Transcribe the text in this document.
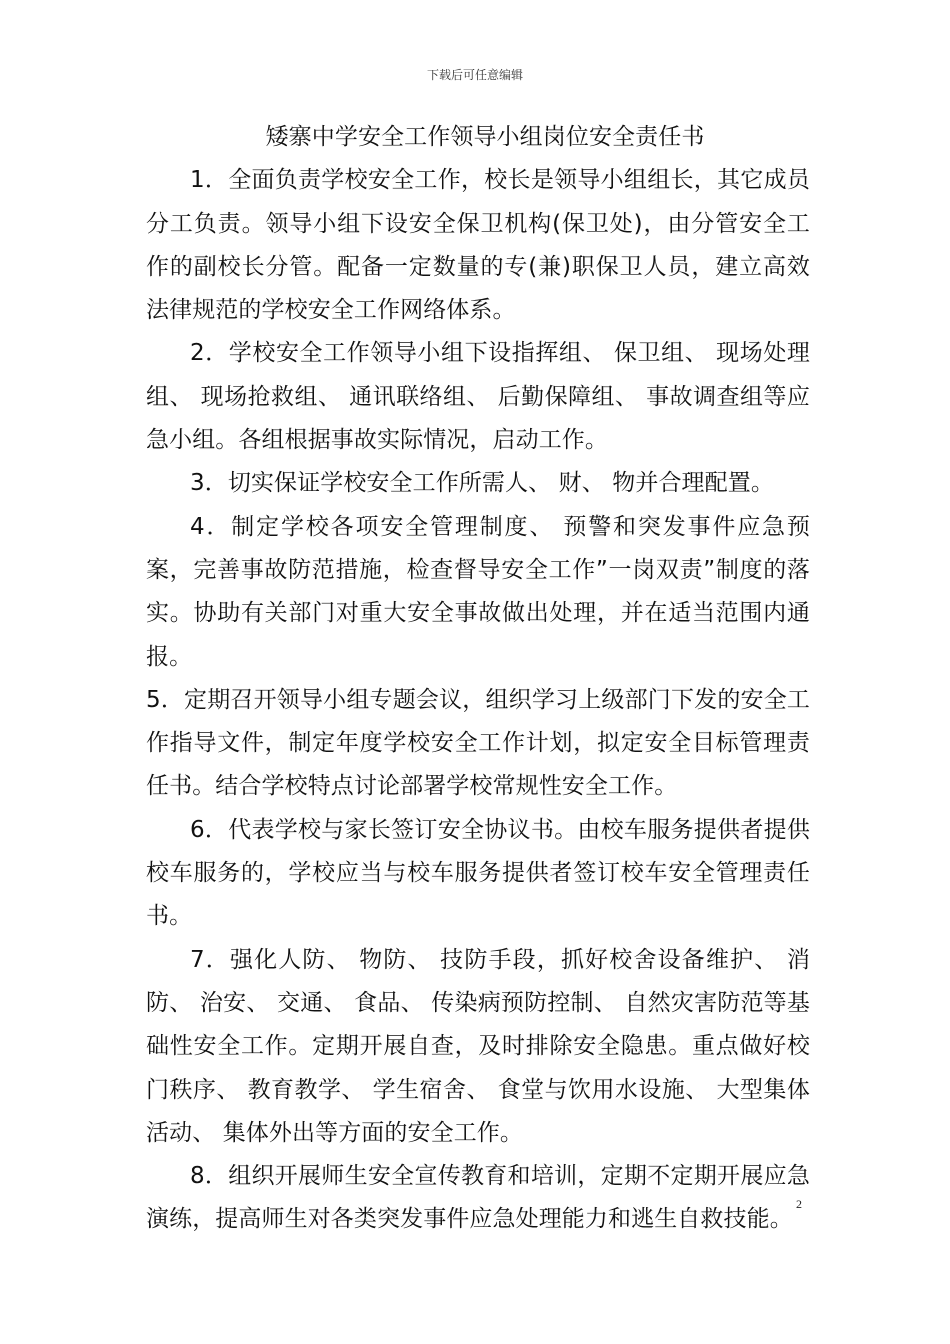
下载后可任意编辑
矮寨中学安全工作领导小组岗位安全责任书

1．全面负责学校安全工作，校长是领导小组组长，其它成员分工负责。领导小组下设安全保卫机构(保卫处)，由分管安全工作的副校长分管。配备一定数量的专(兼)职保卫人员，建立高效法律规范的学校安全工作网络体系。

2．学校安全工作领导小组下设指挥组、 保卫组、 现场处理组、 现场抢救组、 通讯联络组、 后勤保障组、 事故调查组等应急小组。各组根据事故实际情况，启动工作。

3．切实保证学校安全工作所需人、 财、 物并合理配置。

4．制定学校各项安全管理制度、 预警和突发事件应急预案，完善事故防范措施，检查督导安全工作”一岗双责”制度的落实。协助有关部门对重大安全事故做出处理，并在适当范围内通报。

5．定期召开领导小组专题会议，组织学习上级部门下发的安全工作指导文件，制定年度学校安全工作计划，拟定安全目标管理责任书。结合学校特点讨论部署学校常规性安全工作。

6．代表学校与家长签订安全协议书。由校车服务提供者提供校车服务的，学校应当与校车服务提供者签订校车安全管理责任书。

7．强化人防、 物防、 技防手段，抓好校舍设备维护、 消防、 治安、 交通、 食品、 传染病预防控制、 自然灾害防范等基础性安全工作。定期开展自查，及时排除安全隐患。重点做好校门秩序、 教育教学、 学生宿舍、 食堂与饮用水设施、 大型集体活动、 集体外出等方面的安全工作。

8．组织开展师生安全宣传教育和培训，定期不定期开展应急演练，提高师生对各类突发事件应急处理能力和逃生自救技能。

2
